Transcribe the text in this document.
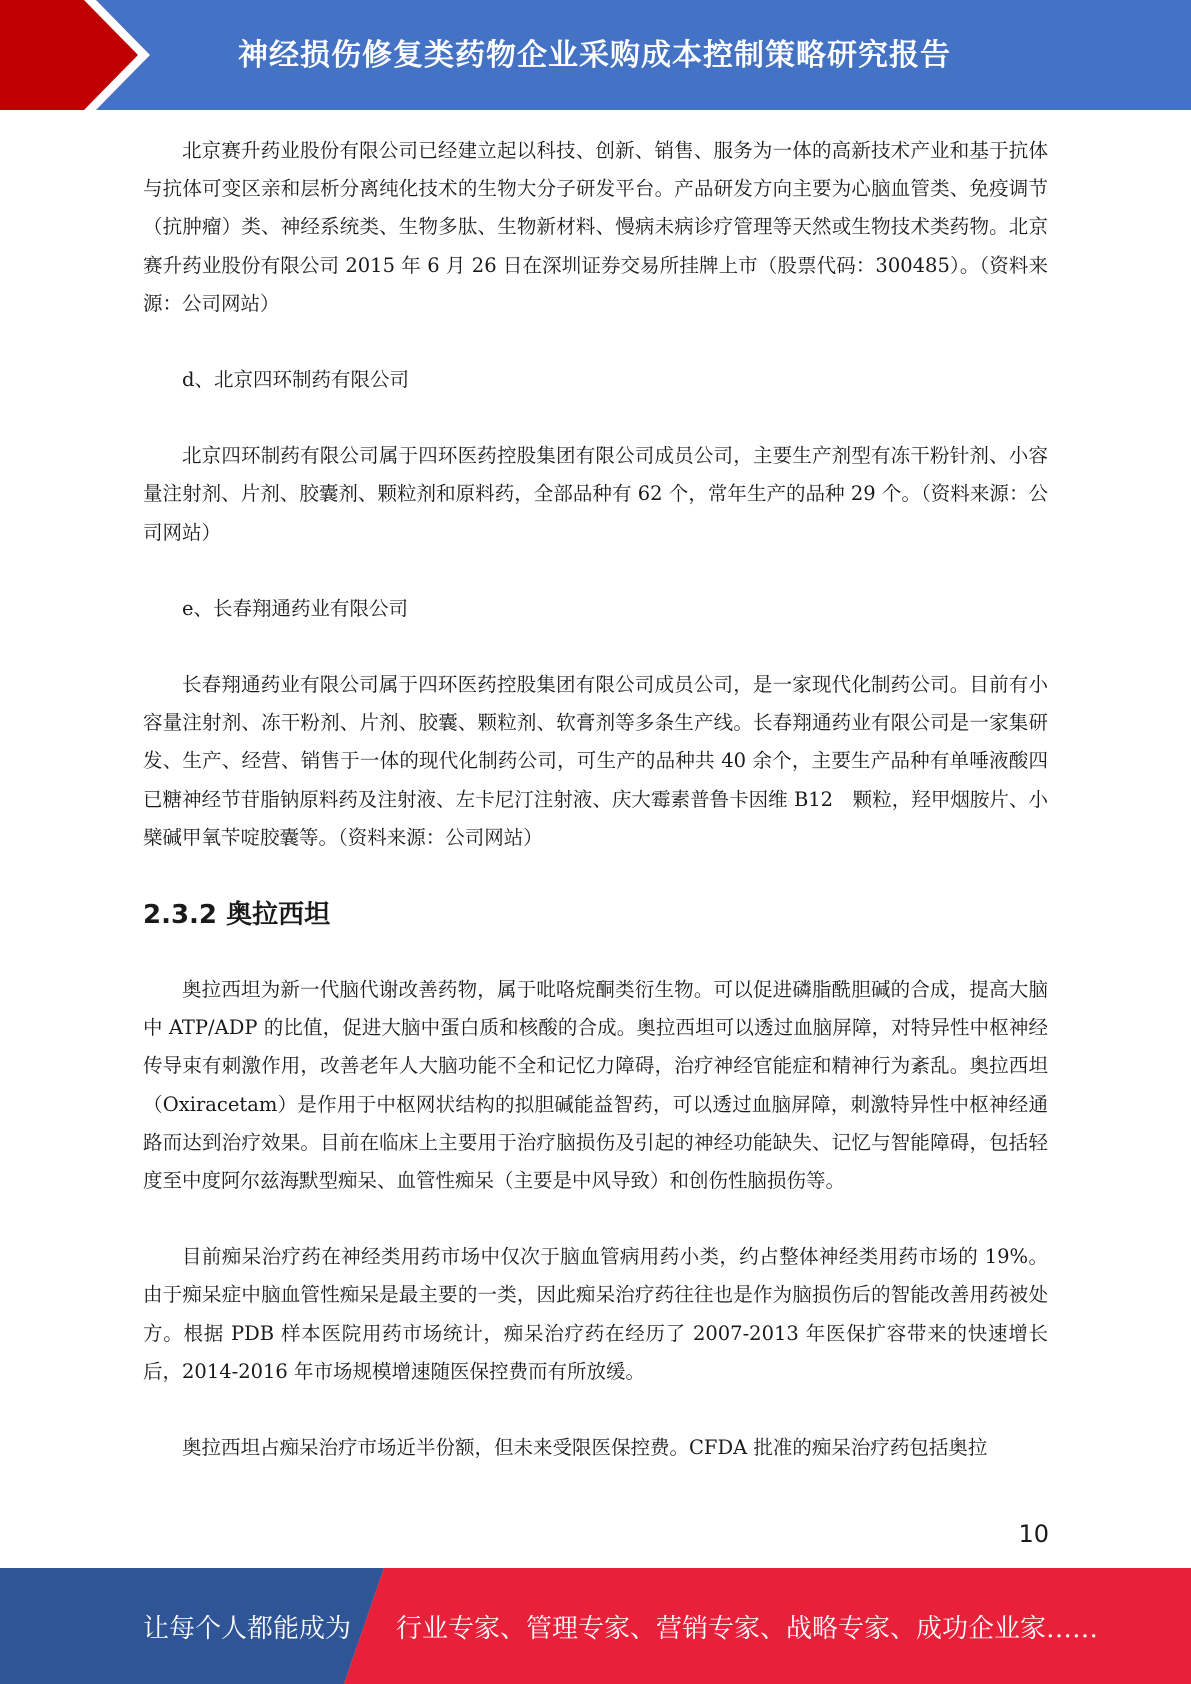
神经损伤修复类药物企业采购成本控制策略研究报告

北京赛升药业股份有限公司已经建立起以科技、创新、销售、服务为一体的高新技术产业和基于抗体与抗体可变区亲和层析分离纯化技术的生物大分子研发平台。产品研发方向主要为心脑血管类、免疫调节（抗肿瘤）类、神经系统类、生物多肽、生物新材料、慢病未病诊疗管理等天然或生物技术类药物。北京赛升药业股份有限公司 2015 年 6 月 26 日在深圳证券交易所挂牌上市（股票代码：300485）。（资料来源：公司网站）

d、北京四环制药有限公司

北京四环制药有限公司属于四环医药控股集团有限公司成员公司，主要生产剂型有冻干粉针剂、小容量注射剂、片剂、胶囊剂、颗粒剂和原料药，全部品种有 62 个，常年生产的品种 29 个。（资料来源：公司网站）

e、长春翔通药业有限公司

长春翔通药业有限公司属于四环医药控股集团有限公司成员公司，是一家现代化制药公司。目前有小容量注射剂、冻干粉剂、片剂、胶囊、颗粒剂、软膏剂等多条生产线。长春翔通药业有限公司是一家集研发、生产、经营、销售于一体的现代化制药公司，可生产的品种共 40 余个，主要生产品种有单唾液酸四已糖神经节苷脂钠原料药及注射液、左卡尼汀注射液、庆大霉素普鲁卡因维 B12　颗粒，羟甲烟胺片、小檗碱甲氧苄啶胶囊等。（资料来源：公司网站）

2.3.2 奥拉西坦

奥拉西坦为新一代脑代谢改善药物，属于吡咯烷酮类衍生物。可以促进磷脂酰胆碱的合成，提高大脑中 ATP/ADP 的比值，促进大脑中蛋白质和核酸的合成。奥拉西坦可以透过血脑屏障，对特异性中枢神经传导束有刺激作用，改善老年人大脑功能不全和记忆力障碍，治疗神经官能症和精神行为紊乱。奥拉西坦（Oxiracetam）是作用于中枢网状结构的拟胆碱能益智药，可以透过血脑屏障，刺激特异性中枢神经通路而达到治疗效果。目前在临床上主要用于治疗脑损伤及引起的神经功能缺失、记忆与智能障碍，包括轻度至中度阿尔兹海默型痴呆、血管性痴呆（主要是中风导致）和创伤性脑损伤等。

目前痴呆治疗药在神经类用药市场中仅次于脑血管病用药小类，约占整体神经类用药市场的 19%。由于痴呆症中脑血管性痴呆是最主要的一类，因此痴呆治疗药往往也是作为脑损伤后的智能改善用药被处方。根据 PDB 样本医院用药市场统计，痴呆治疗药在经历了 2007-2013 年医保扩容带来的快速增长后，2014-2016 年市场规模增速随医保控费而有所放缓。

奥拉西坦占痴呆治疗市场近半份额，但未来受限医保控费。CFDA 批准的痴呆治疗药包括奥拉

10
让每个人都能成为 行业专家、管理专家、营销专家、战略专家、成功企业家……
